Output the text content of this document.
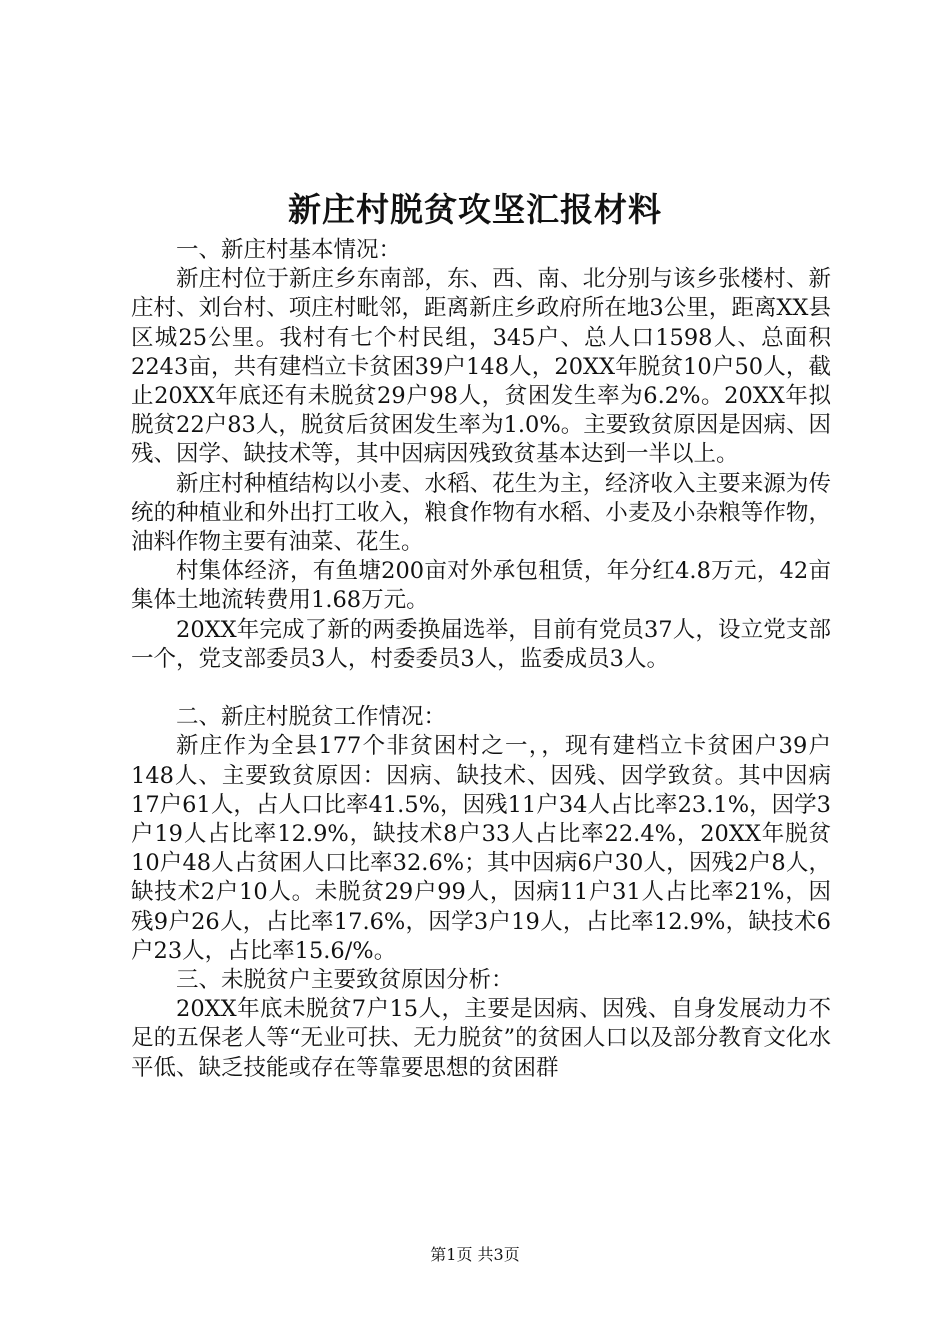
新庄村脱贫攻坚汇报材料

一、新庄村基本情况：

新庄村位于新庄乡东南部，东、西、南、北分别与该乡张楼村、新庄村、刘台村、项庄村毗邻，距离新庄乡政府所在地3公里，距离XX县区城25公里。我村有七个村民组，345户、总人口1598人、总面积2243亩，共有建档立卡贫困39户148人，20XX年脱贫10户50人，截止20XX年底还有未脱贫29户98人，贫困发生率为6.2%。20XX年拟脱贫22户83人，脱贫后贫困发生率为1.0%。主要致贫原因是因病、因残、因学、缺技术等，其中因病因残致贫基本达到一半以上。

新庄村种植结构以小麦、水稻、花生为主，经济收入主要来源为传统的种植业和外出打工收入，粮食作物有水稻、小麦及小杂粮等作物，油料作物主要有油菜、花生。

村集体经济，有鱼塘200亩对外承包租赁，年分红4.8万元，42亩集体土地流转费用1.68万元。

20XX年完成了新的两委换届选举，目前有党员37人，设立党支部一个，党支部委员3人，村委委员3人，监委成员3人。

二、新庄村脱贫工作情况：

新庄作为全县177个非贫困村之一，，现有建档立卡贫困户39户148人、主要致贫原因：因病、缺技术、因残、因学致贫。其中因病17户61人，占人口比率41.5%，因残11户34人占比率23.1%，因学3户19人占比率12.9%，缺技术8户33人占比率22.4%，20XX年脱贫10户48人占贫困人口比率32.6%；其中因病6户30人，因残2户8人，缺技术2户10人。未脱贫29户99人，因病11户31人占比率21%，因残9户26人，占比率17.6%，因学3户19人，占比率12.9%，缺技术6户23人，占比率15.6/%。

三、未脱贫户主要致贫原因分析：

20XX年底未脱贫7户15人，主要是因病、因残、自身发展动力不足的五保老人等“无业可扶、无力脱贫”的贫困人口以及部分教育文化水平低、缺乏技能或存在等靠要思想的贫困群

第1页 共3页
